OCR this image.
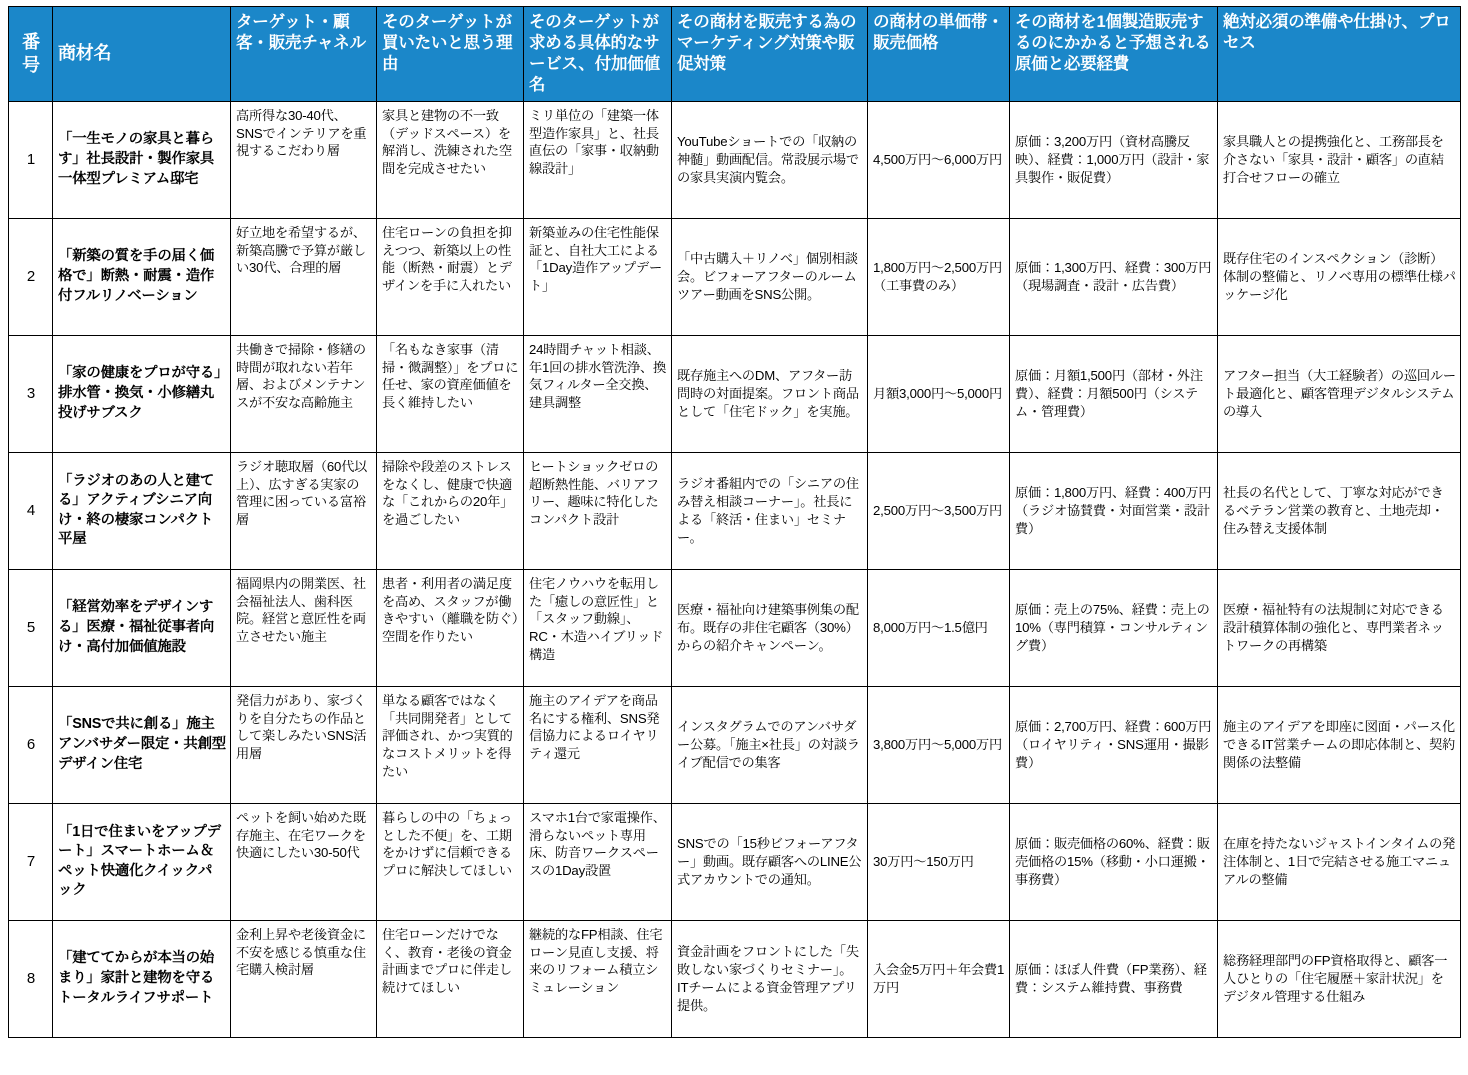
番号	商材名	ターゲット・顧客・販売チャネル	そのターゲットが買いたいと思う理由	そのターゲットが求める具体的なサービス、付加価値名	その商材を販売する為のマーケティング対策や販促対策	の商材の単価帯・販売価格	その商材を1個製造販売するのにかかると予想される原価と必要経費	絶対必須の準備や仕掛け、プロセス
1	「一生モノの家具と暮らす」社長設計・製作家具一体型プレミアム邸宅	高所得な30-40代、SNSでインテリアを重視するこだわり層	家具と建物の不一致（デッドスペース）を解消し、洗練された空間を完成させたい	ミリ単位の「建築一体型造作家具」と、社長直伝の「家事・収納動線設計」	YouTubeショートでの「収納の神髄」動画配信。常設展示場での家具実演内覧会。	4,500万円～6,000万円	原価：3,200万円（資材高騰反映）、経費：1,000万円（設計・家具製作・販促費）	家具職人との提携強化と、工務部長を介さない「家具・設計・顧客」の直結打合せフローの確立
2	「新築の質を手の届く価格で」断熱・耐震・造作付フルリノベーション	好立地を希望するが、新築高騰で予算が厳しい30代、合理的層	住宅ローンの負担を抑えつつ、新築以上の性能（断熱・耐震）とデザインを手に入れたい	新築並みの住宅性能保証と、自社大工による「1Day造作アップデート」	「中古購入＋リノベ」個別相談会。ビフォーアフターのルームツアー動画をSNS公開。	1,800万円～2,500万円（工事費のみ）	原価：1,300万円、経費：300万円（現場調査・設計・広告費）	既存住宅のインスペクション（診断）体制の整備と、リノベ専用の標準仕様パッケージ化
3	「家の健康をプロが守る」排水管・換気・小修繕丸投げサブスク	共働きで掃除・修繕の時間が取れない若年層、およびメンテナンスが不安な高齢施主	「名もなき家事（清掃・微調整）」をプロに任せ、家の資産価値を長く維持したい	24時間チャット相談、年1回の排水管洗浄、換気フィルター全交換、建具調整	既存施主へのDM、アフター訪問時の対面提案。フロント商品として「住宅ドック」を実施。	月額3,000円～5,000円	原価：月額1,500円（部材・外注費）、経費：月額500円（システム・管理費）	アフター担当（大工経験者）の巡回ルート最適化と、顧客管理デジタルシステムの導入
4	「ラジオのあの人と建てる」アクティブシニア向け・終の棲家コンパクト平屋	ラジオ聴取層（60代以上）、広すぎる実家の管理に困っている富裕層	掃除や段差のストレスをなくし、健康で快適な「これからの20年」を過ごしたい	ヒートショックゼロの超断熱性能、バリアフリー、趣味に特化したコンパクト設計	ラジオ番組内での「シニアの住み替え相談コーナー」。社長による「終活・住まい」セミナー。	2,500万円～3,500万円	原価：1,800万円、経費：400万円（ラジオ協賛費・対面営業・設計費）	社長の名代として、丁寧な対応ができるベテラン営業の教育と、土地売却・住み替え支援体制
5	「経営効率をデザインする」医療・福祉従事者向け・高付加価値施設	福岡県内の開業医、社会福祉法人、歯科医院。経営と意匠性を両立させたい施主	患者・利用者の満足度を高め、スタッフが働きやすい（離職を防ぐ）空間を作りたい	住宅ノウハウを転用した「癒しの意匠性」と「スタッフ動線」、RC・木造ハイブリッド構造	医療・福祉向け建築事例集の配布。既存の非住宅顧客（30%）からの紹介キャンペーン。	8,000万円～1.5億円	原価：売上の75%、経費：売上の10%（専門積算・コンサルティング費）	医療・福祉特有の法規制に対応できる設計積算体制の強化と、専門業者ネットワークの再構築
6	「SNSで共に創る」施主アンバサダー限定・共創型デザイン住宅	発信力があり、家づくりを自分たちの作品として楽しみたいSNS活用層	単なる顧客ではなく「共同開発者」として評価され、かつ実質的なコストメリットを得たい	施主のアイデアを商品名にする権利、SNS発信協力によるロイヤリティ還元	インスタグラムでのアンバサダー公募。「施主×社長」の対談ライブ配信での集客	3,800万円～5,000万円	原価：2,700万円、経費：600万円（ロイヤリティ・SNS運用・撮影費）	施主のアイデアを即座に図面・パース化できるIT営業チームの即応体制と、契約関係の法整備
7	「1日で住まいをアップデート」スマートホーム＆ペット快適化クイックパック	ペットを飼い始めた既存施主、在宅ワークを快適にしたい30-50代	暮らしの中の「ちょっとした不便」を、工期をかけずに信頼できるプロに解決してほしい	スマホ1台で家電操作、滑らないペット専用床、防音ワークスペースの1Day設置	SNSでの「15秒ビフォーアフター」動画。既存顧客へのLINE公式アカウントでの通知。	30万円～150万円	原価：販売価格の60%、経費：販売価格の15%（移動・小口運搬・事務費）	在庫を持たないジャストインタイムの発注体制と、1日で完結させる施工マニュアルの整備
8	「建ててからが本当の始まり」家計と建物を守るトータルライフサポート	金利上昇や老後資金に不安を感じる慎重な住宅購入検討層	住宅ローンだけでなく、教育・老後の資金計画までプロに伴走し続けてほしい	継続的なFP相談、住宅ローン見直し支援、将来のリフォーム積立シミュレーション	資金計画をフロントにした「失敗しない家づくりセミナー」。ITチームによる資金管理アプリ提供。	入会金5万円＋年会費1万円	原価：ほぼ人件費（FP業務）、経費：システム維持費、事務費	総務経理部門のFP資格取得と、顧客一人ひとりの「住宅履歴＋家計状況」をデジタル管理する仕組み
